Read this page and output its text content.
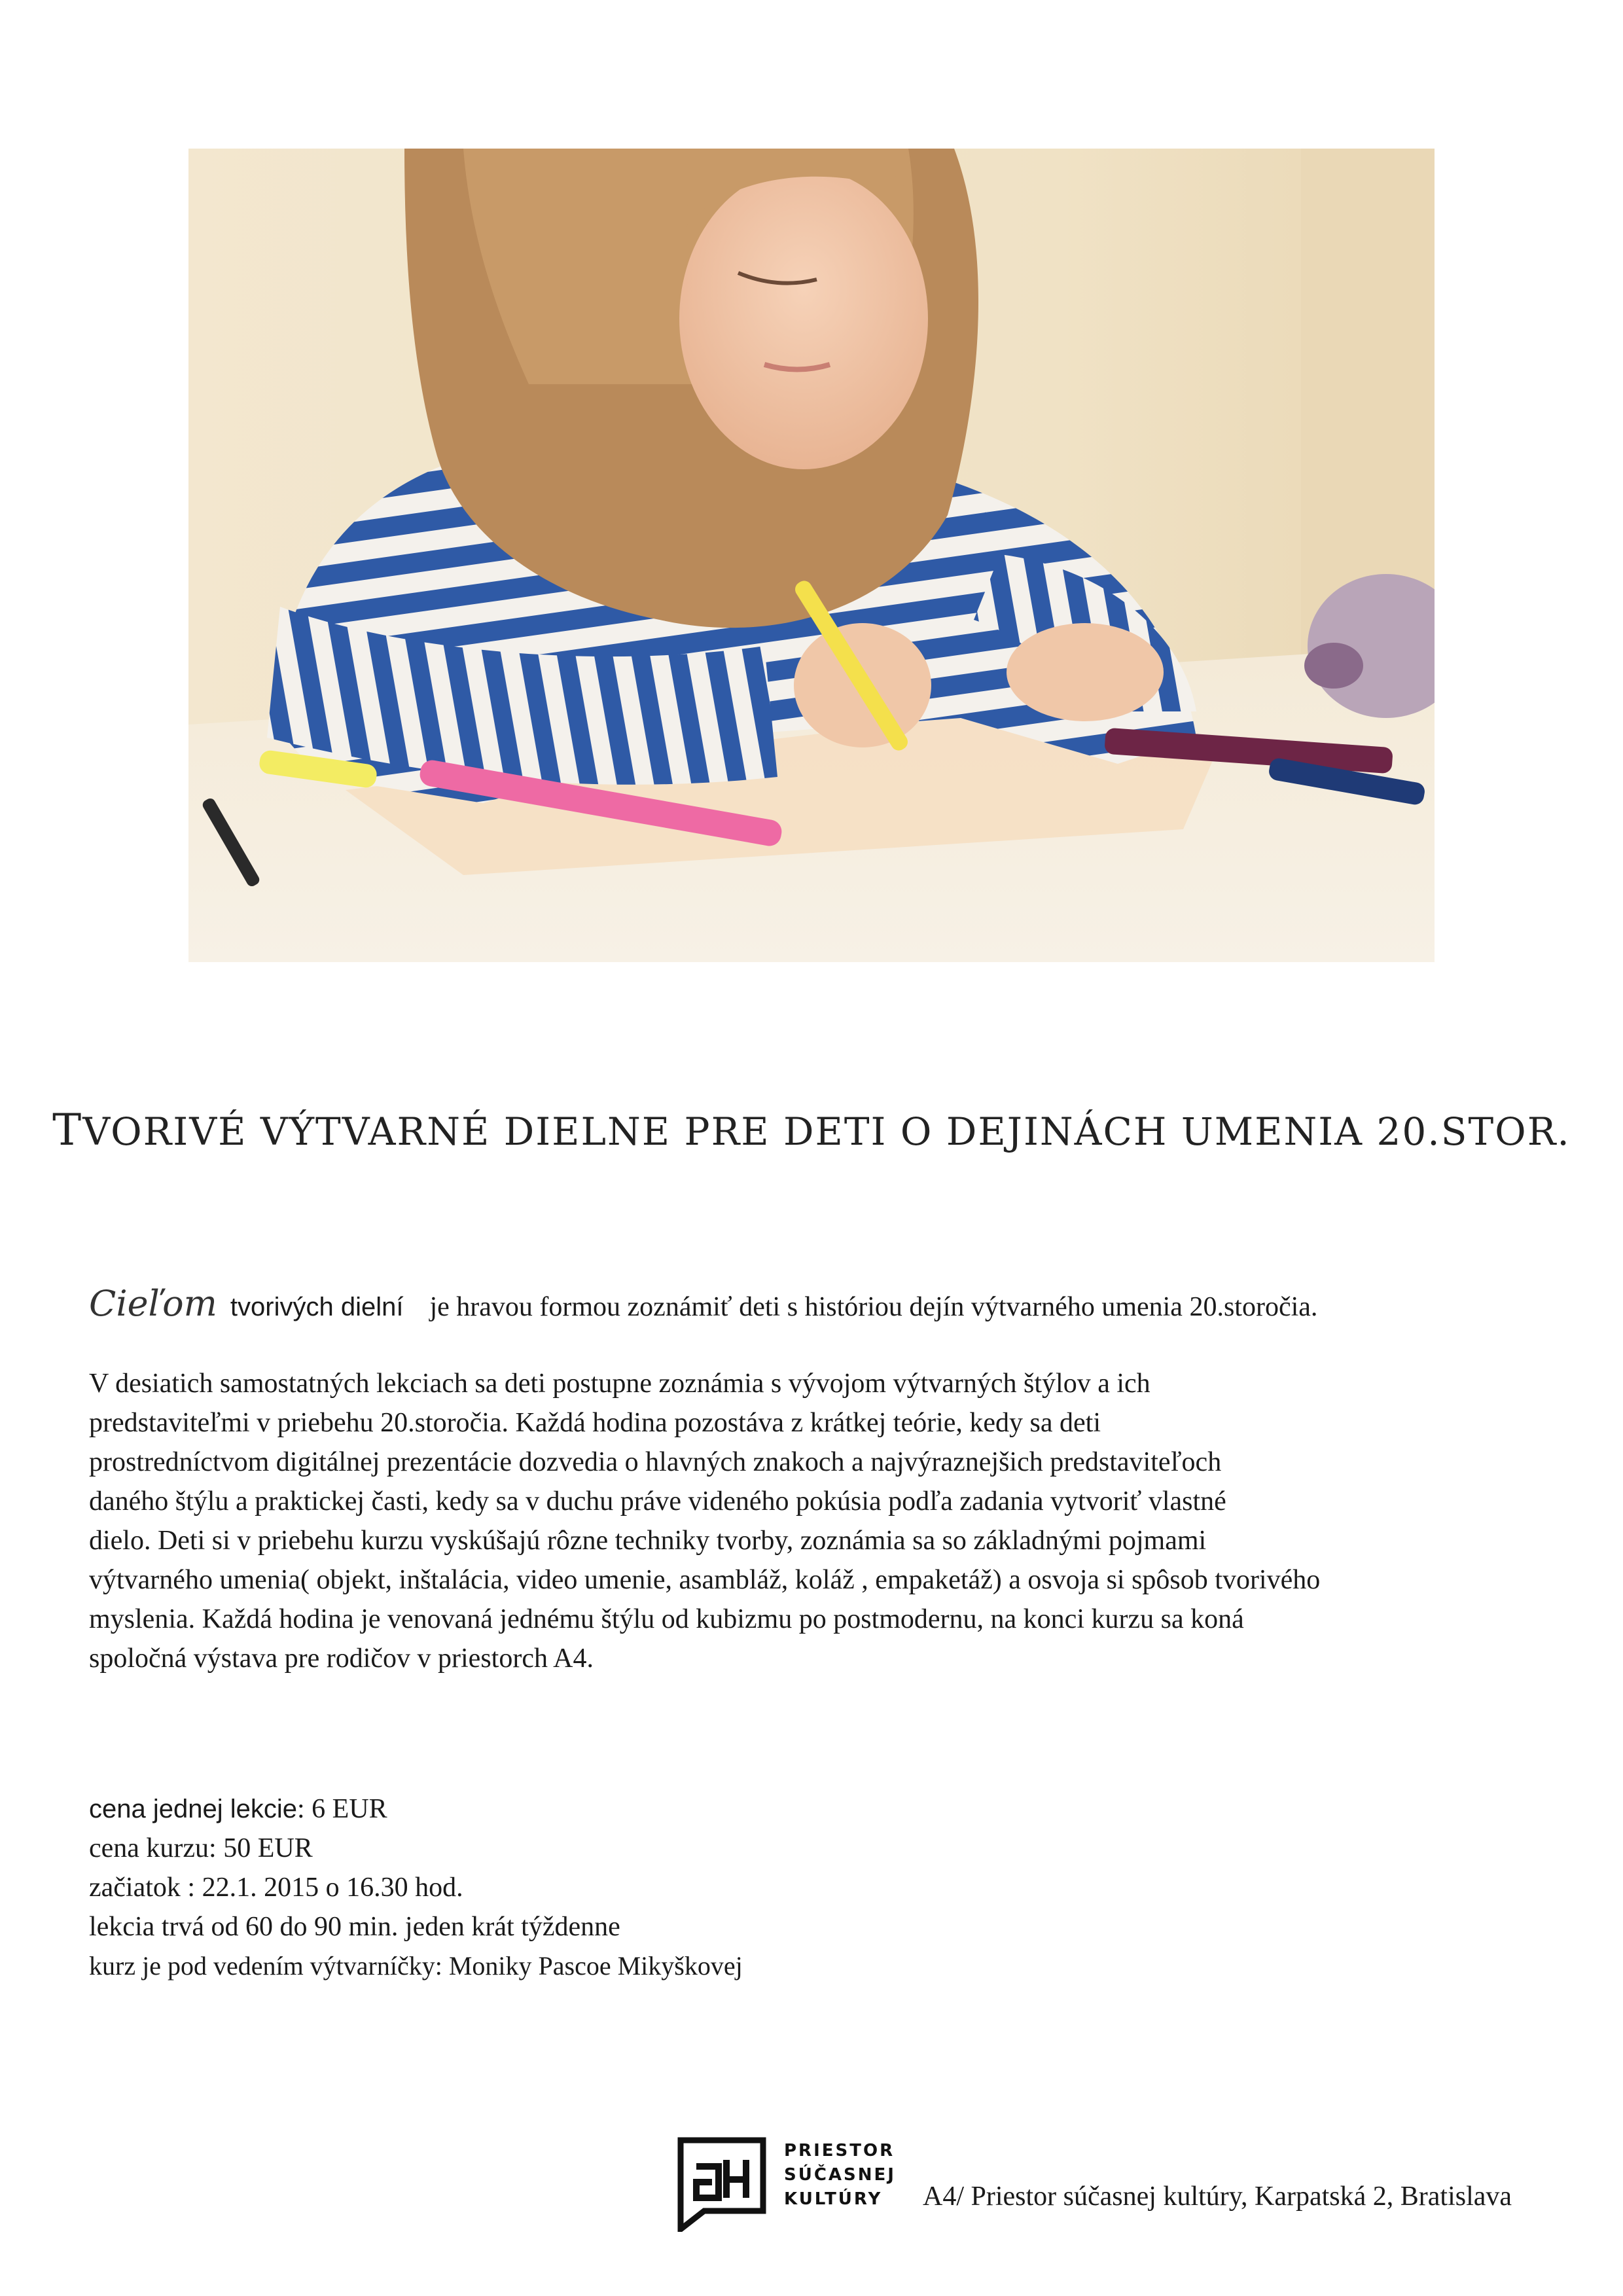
TVORIVÉ VÝTVARNÉ DIELNE PRE DETI O DEJINÁCH UMENIA 20.STOR.
Cieľom tvorivých dielní je hravou formou zoznámiť deti s históriou dejín výtvarného umenia 20.storočia.
V desiatich samostatných lekciach sa deti postupne zoznámia s vývojom výtvarných štýlov a ich
predstaviteľmi v priebehu 20.storočia. Každá hodina pozostáva z krátkej teórie, kedy sa deti
prostredníctvom digitálnej prezentácie dozvedia o hlavných znakoch a najvýraznejšich predstaviteľoch
daného štýlu a praktickej časti, kedy sa v duchu práve videného pokúsia podľa zadania vytvoriť vlastné
dielo. Deti si v priebehu kurzu vyskúšajú rôzne techniky tvorby, zoznámia sa so základnými pojmami
výtvarného umenia( objekt, inštalácia, video umenie, asambláž, koláž , empaketáž) a osvoja si spôsob tvorivého
myslenia. Každá hodina je venovaná jednému štýlu od kubizmu po postmodernu, na konci kurzu sa koná
spoločná výstava pre rodičov v priestorch A4.
cena jednej lekcie: 6 EUR
cena kurzu: 50 EUR
začiatok : 22.1. 2015 o 16.30 hod.
lekcia trvá od 60 do 90 min. jeden krát týždenne
kurz je pod vedením výtvarníčky: Moniky Pascoe Mikyškovej
PRIESTOR
SÚČASNEJ
KULTÚRY	A4/ Priestor súčasnej kultúry, Karpatská 2, Bratislava
